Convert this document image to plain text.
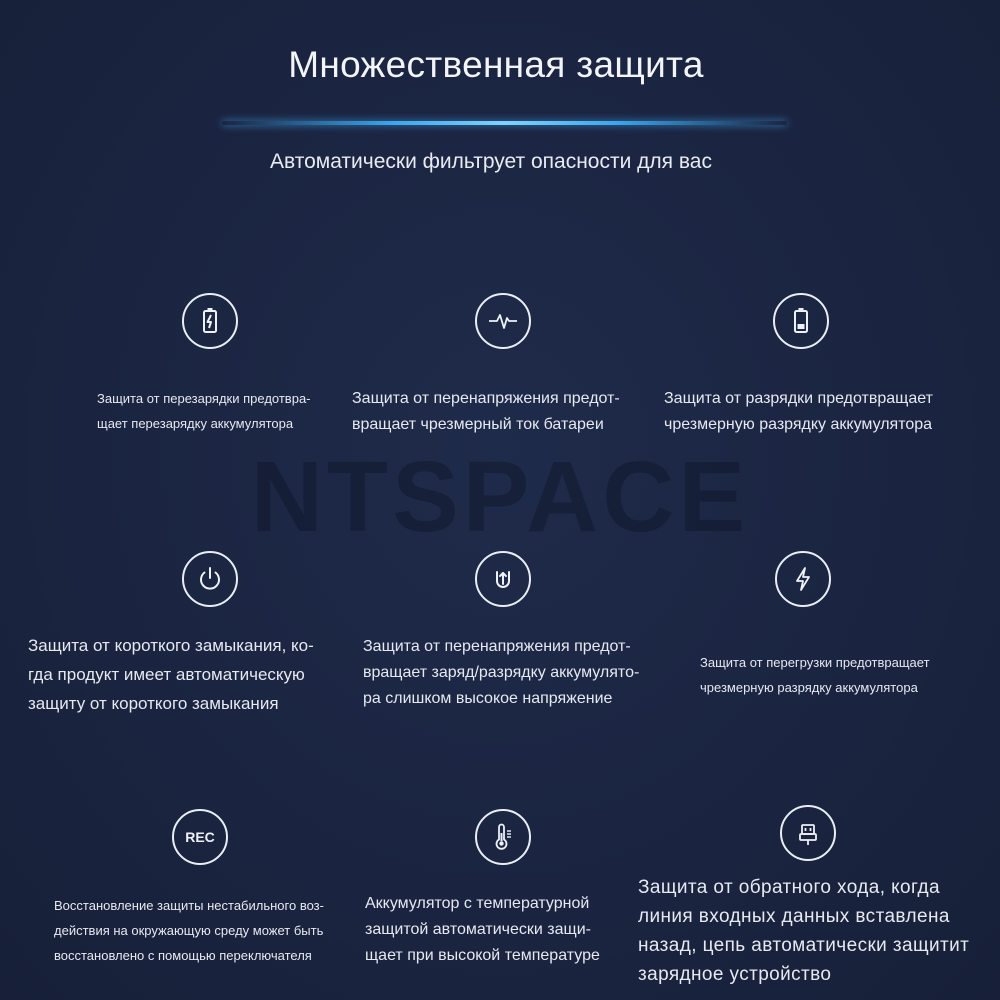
Множественная защита
Автоматически фильтрует опасности для вас
NTSPACE
Защита от перезарядки предотвра-
щает перезарядку аккумулятора
Защита от перенапряжения предот-
вращает чрезмерный ток батареи
Защита от разрядки предотвращает
чрезмерную разрядку аккумулятора
Защита от короткого замыкания, ко-
гда продукт имеет автоматическую
защиту от короткого замыкания
Защита от перенапряжения предот-
вращает заряд/разрядку аккумулято-
ра слишком высокое напряжение
Защита от перегрузки предотвращает
чрезмерную разрядку аккумулятора
REC
Восстановление защиты нестабильного воз-
действия на окружающую среду может быть
восстановлено с помощью переключателя
Аккумулятор с температурной
защитой автоматически защи-
щает при высокой температуре
Защита от обратного хода, когда
линия входных данных вставлена
назад, цепь автоматически защитит
зарядное устройство
